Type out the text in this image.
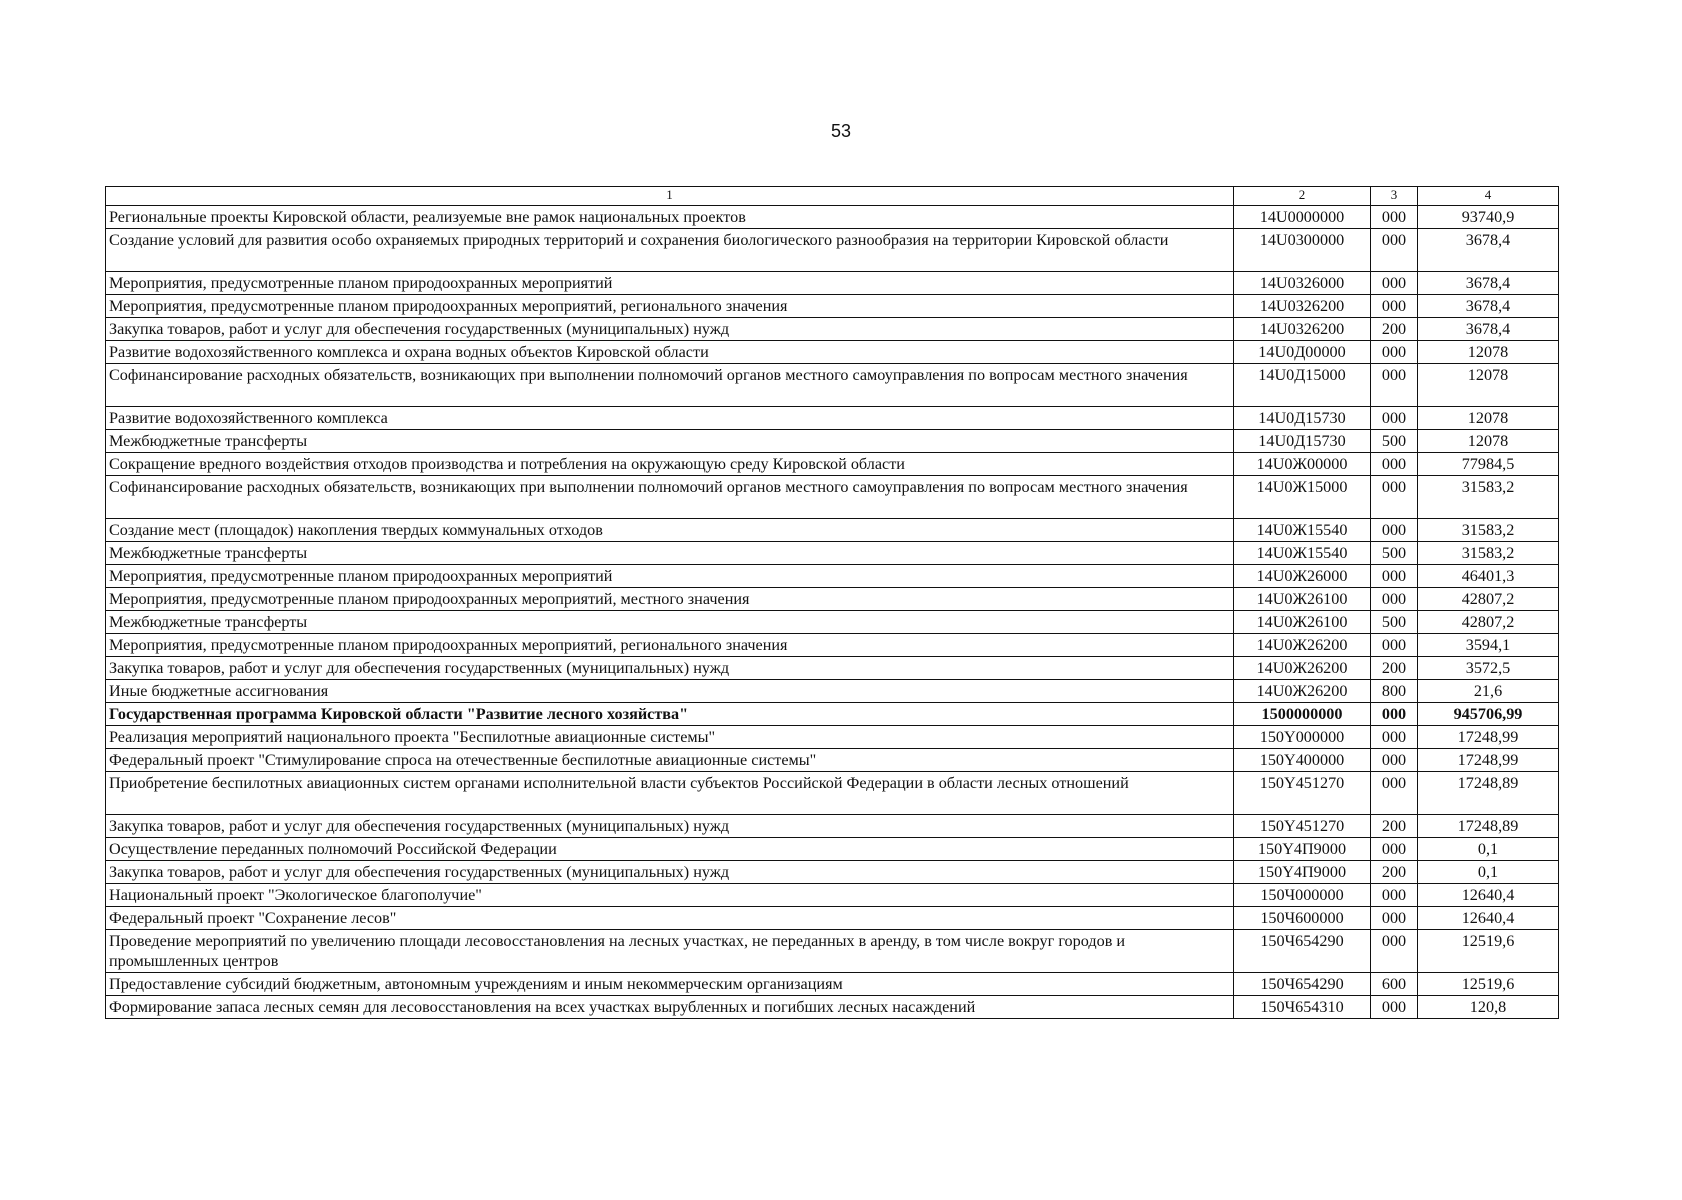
53
1	2	3	4
Региональные проекты Кировской области, реализуемые вне рамок национальных проектов	14U0000000	000	93740,9
Создание условий для развития особо охраняемых природных территорий и сохранения биологического разнообразия на территории Кировской области	14U0300000	000	3678,4
Мероприятия, предусмотренные планом природоохранных мероприятий	14U0326000	000	3678,4
Мероприятия, предусмотренные планом природоохранных мероприятий, регионального значения	14U0326200	000	3678,4
Закупка товаров, работ и услуг для обеспечения государственных (муниципальных) нужд	14U0326200	200	3678,4
Развитие водохозяйственного комплекса и охрана водных объектов Кировской области	14U0Д00000	000	12078
Софинансирование расходных обязательств, возникающих при выполнении полномочий органов местного самоуправления по вопросам местного значения	14U0Д15000	000	12078
Развитие водохозяйственного комплекса	14U0Д15730	000	12078
Межбюджетные трансферты	14U0Д15730	500	12078
Сокращение вредного воздействия отходов производства и потребления на окружающую среду Кировской области	14U0Ж00000	000	77984,5
Софинансирование расходных обязательств, возникающих при выполнении полномочий органов местного самоуправления по вопросам местного значения	14U0Ж15000	000	31583,2
Создание мест (площадок) накопления твердых коммунальных отходов	14U0Ж15540	000	31583,2
Межбюджетные трансферты	14U0Ж15540	500	31583,2
Мероприятия, предусмотренные планом природоохранных мероприятий	14U0Ж26000	000	46401,3
Мероприятия, предусмотренные планом природоохранных мероприятий, местного значения	14U0Ж26100	000	42807,2
Межбюджетные трансферты	14U0Ж26100	500	42807,2
Мероприятия, предусмотренные планом природоохранных мероприятий, регионального значения	14U0Ж26200	000	3594,1
Закупка товаров, работ и услуг для обеспечения государственных (муниципальных) нужд	14U0Ж26200	200	3572,5
Иные бюджетные ассигнования	14U0Ж26200	800	21,6
Государственная программа Кировской области "Развитие лесного хозяйства"	1500000000	000	945706,99
Реализация мероприятий национального проекта "Беспилотные авиационные системы"	150Y000000	000	17248,99
Федеральный проект "Стимулирование спроса на отечественные беспилотные авиационные системы"	150Y400000	000	17248,99
Приобретение беспилотных авиационных систем органами исполнительной власти субъектов Российской Федерации в области лесных отношений	150Y451270	000	17248,89
Закупка товаров, работ и услуг для обеспечения государственных (муниципальных) нужд	150Y451270	200	17248,89
Осуществление переданных полномочий Российской Федерации	150Y4П9000	000	0,1
Закупка товаров, работ и услуг для обеспечения государственных (муниципальных) нужд	150Y4П9000	200	0,1
Национальный проект "Экологическое благополучие"	150Ч000000	000	12640,4
Федеральный проект "Сохранение лесов"	150Ч600000	000	12640,4
Проведение мероприятий по увеличению площади лесовосстановления на лесных участках, не переданных в аренду, в том числе вокруг городов и промышленных центров	150Ч654290	000	12519,6
Предоставление субсидий бюджетным, автономным учреждениям и иным некоммерческим организациям	150Ч654290	600	12519,6
Формирование запаса лесных семян для лесовосстановления на всех участках вырубленных и погибших лесных насаждений	150Ч654310	000	120,8
